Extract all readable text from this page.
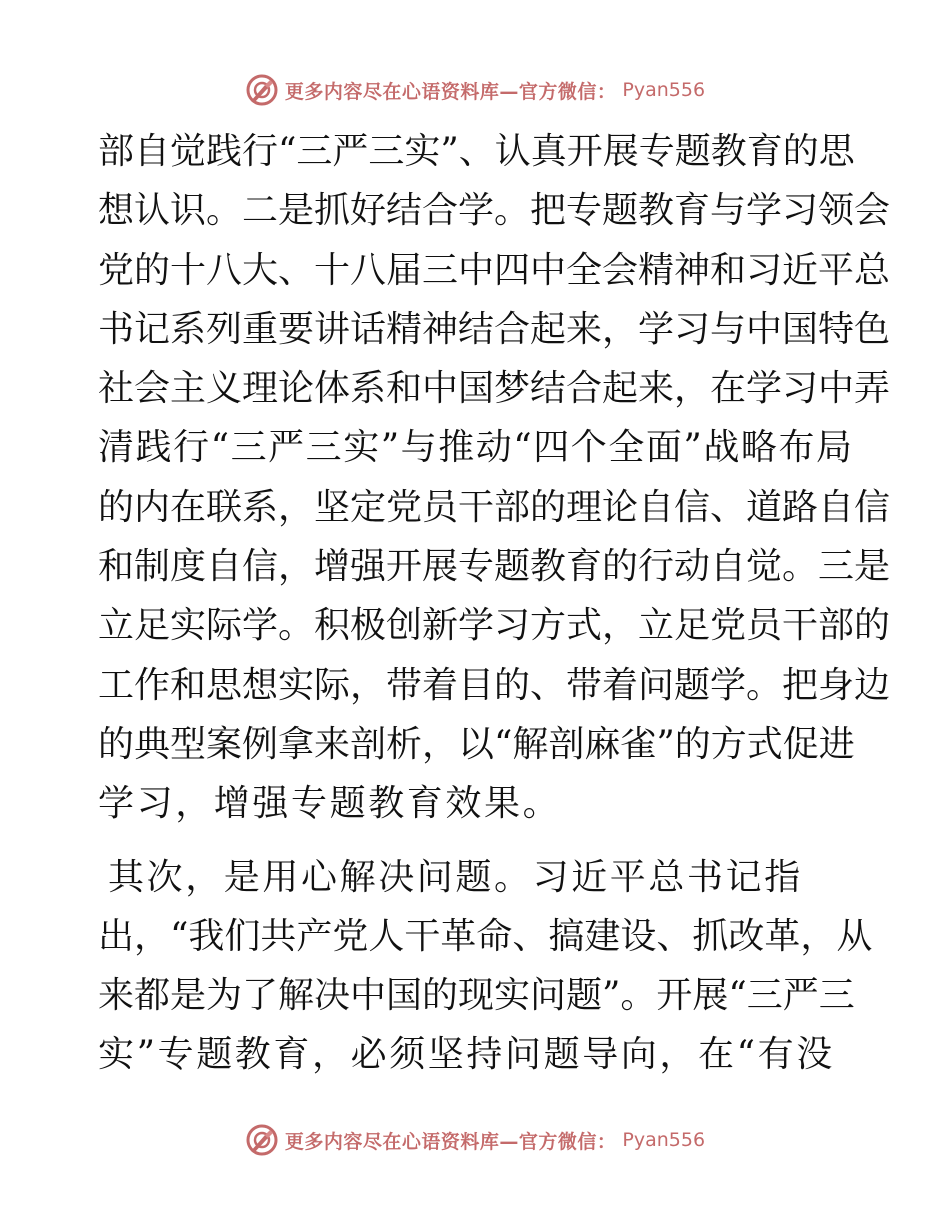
更多内容尽在心语资料库—官方微信： Pyan556
部自觉践行“三严三实”、认真开展专题教育的思
想认识。二是抓好结合学。把专题教育与学习领会
党的十八大、十八届三中四中全会精神和习近平总
书记系列重要讲话精神结合起来，学习与中国特色
社会主义理论体系和中国梦结合起来，在学习中弄
清践行“三严三实”与推动“四个全面”战略布局
的内在联系，坚定党员干部的理论自信、道路自信
和制度自信，增强开展专题教育的行动自觉。三是
立足实际学。积极创新学习方式，立足党员干部的
工作和思想实际，带着目的、带着问题学。把身边
的典型案例拿来剖析，以“解剖麻雀”的方式促进
学习，增强专题教育效果。
其次，是用心解决问题。习近平总书记指
出，“我们共产党人干革命、搞建设、抓改革，从
来都是为了解决中国的现实问题”。开展“三严三
实”专题教育，必须坚持问题导向，在“有没
更多内容尽在心语资料库—官方微信： Pyan556
